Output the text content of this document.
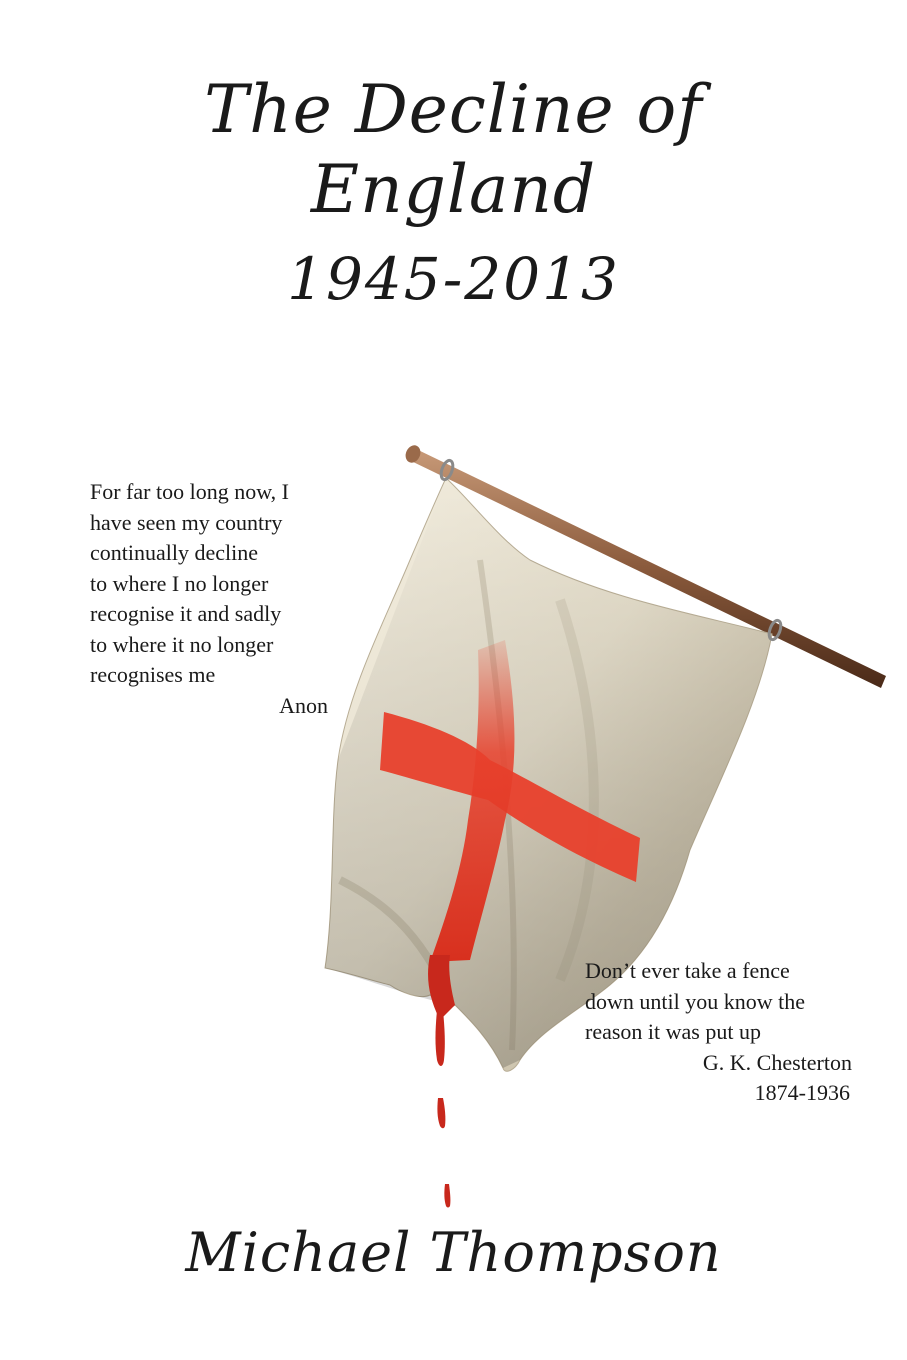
The Decline of
England
1945-2013
For far too long now, I
have seen my country
continually decline
to where I no longer
recognise it and sadly
to where it no longer
recognises me
Anon
Don’t ever take a fence
down until you know the
reason it was put up
G. K. Chesterton
1874-1936
Michael Thompson
